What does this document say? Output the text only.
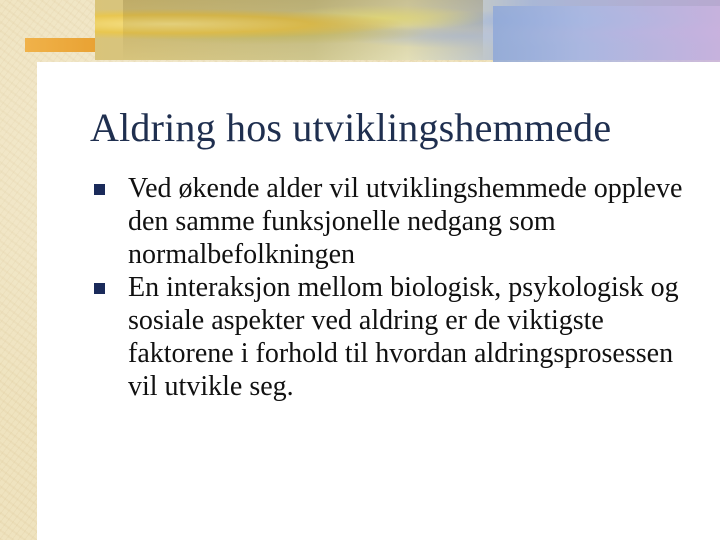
Aldring hos utviklingshemmede
Ved økende alder vil utviklingshemmede oppleve den samme funksjonelle nedgang som normalbefolkningen
En interaksjon mellom biologisk, psykologisk og sosiale aspekter ved aldring er de viktigste faktorene i forhold til hvordan aldringsprosessen vil utvikle seg.
